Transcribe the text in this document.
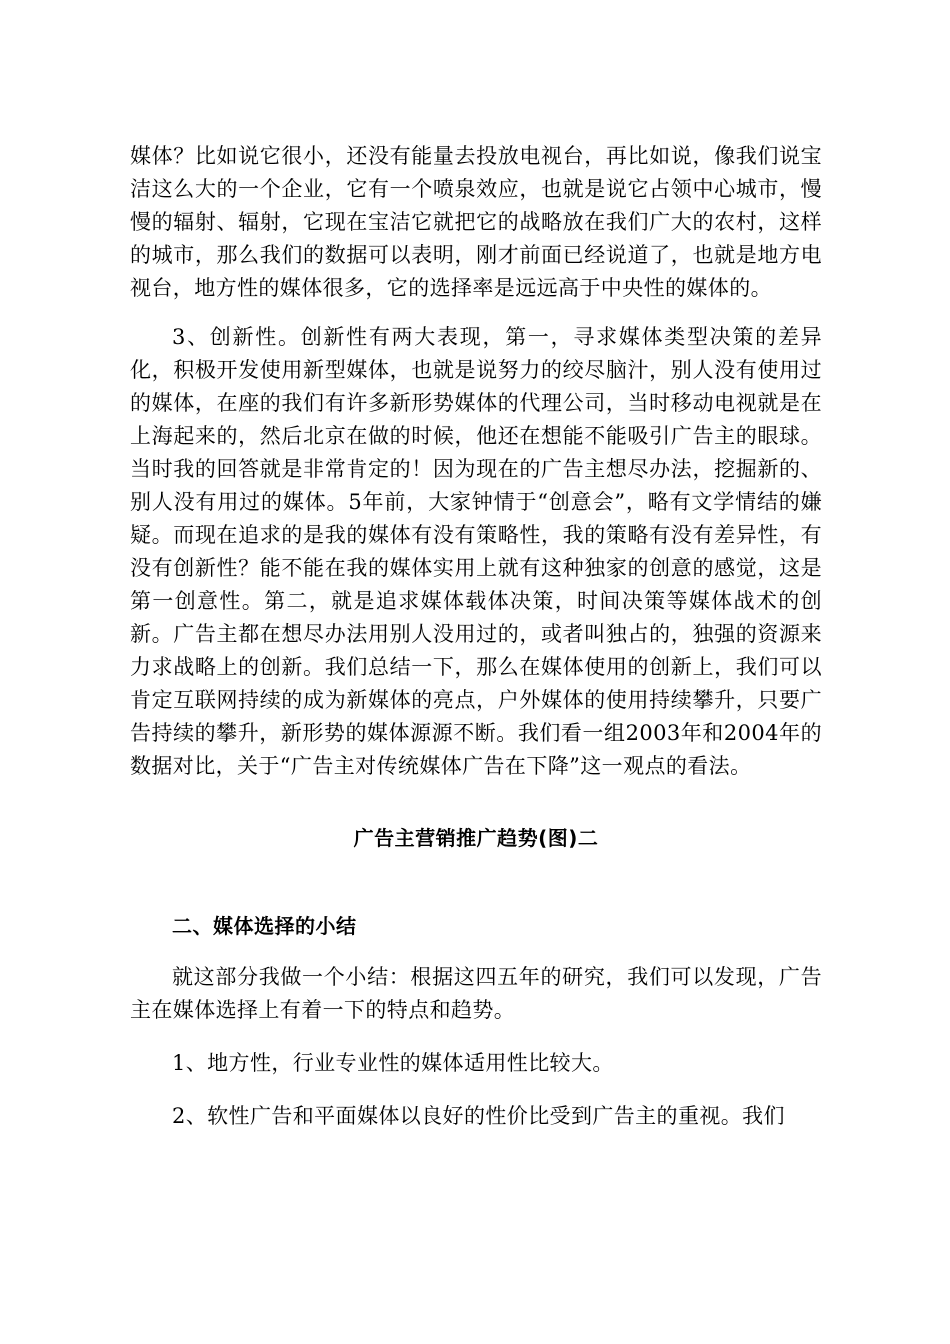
媒体？比如说它很小，还没有能量去投放电视台，再比如说，像我们说宝洁这么大的一个企业，它有一个喷泉效应，也就是说它占领中心城市，慢慢的辐射、辐射，它现在宝洁它就把它的战略放在我们广大的农村，这样的城市，那么我们的数据可以表明，刚才前面已经说道了，也就是地方电视台，地方性的媒体很多，它的选择率是远远高于中央性的媒体的。

3、创新性。创新性有两大表现，第一，寻求媒体类型决策的差异化，积极开发使用新型媒体，也就是说努力的绞尽脑汁，别人没有使用过的媒体，在座的我们有许多新形势媒体的代理公司，当时移动电视就是在上海起来的，然后北京在做的时候，他还在想能不能吸引广告主的眼球。当时我的回答就是非常肯定的！因为现在的广告主想尽办法，挖掘新的、别人没有用过的媒体。5年前，大家钟情于“创意会”，略有文学情结的嫌疑。而现在追求的是我的媒体有没有策略性，我的策略有没有差异性，有没有创新性？能不能在我的媒体实用上就有这种独家的创意的感觉，这是第一创意性。第二，就是追求媒体载体决策，时间决策等媒体战术的创新。广告主都在想尽办法用别人没用过的，或者叫独占的，独强的资源来力求战略上的创新。我们总结一下，那么在媒体使用的创新上，我们可以肯定互联网持续的成为新媒体的亮点，户外媒体的使用持续攀升，只要广告持续的攀升，新形势的媒体源源不断。我们看一组2003年和2004年的数据对比，关于“广告主对传统媒体广告在下降”这一观点的看法。

广告主营销推广趋势(图)二

二、媒体选择的小结

就这部分我做一个小结：根据这四五年的研究，我们可以发现，广告主在媒体选择上有着一下的特点和趋势。

1、地方性，行业专业性的媒体适用性比较大。

2、软性广告和平面媒体以良好的性价比受到广告主的重视。我们
